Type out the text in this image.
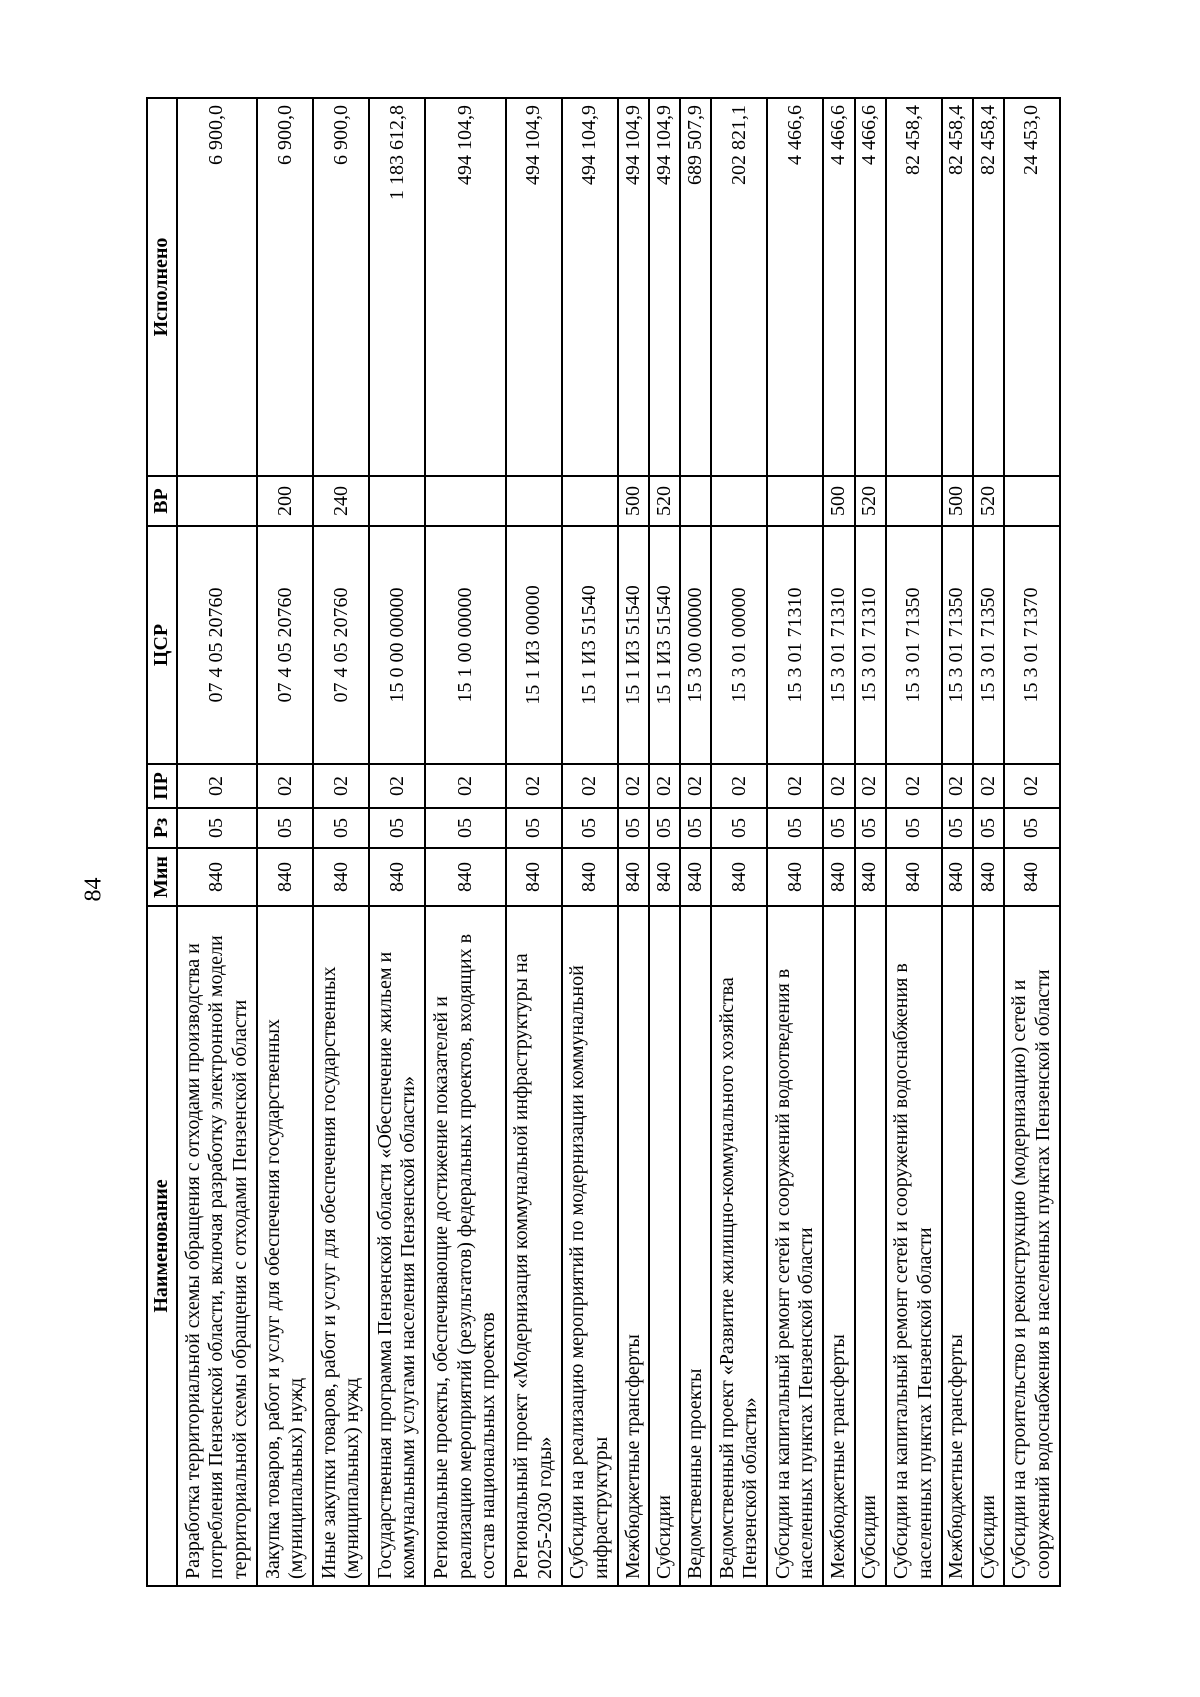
84
Наименование	Мин	Рз	ПР	ЦСР	ВР	Исполнено
Разработка территориальной схемы обращения с отходами производства и потребления Пензенской области, включая разработку электронной модели территориальной схемы обращения с отходами Пензенской области	840	05	02	07 4 05 20760		6 900,0
Закупка товаров, работ и услуг для обеспечения государственных (муниципальных) нужд	840	05	02	07 4 05 20760	200	6 900,0
Иные закупки товаров, работ и услуг для обеспечения государственных (муниципальных) нужд	840	05	02	07 4 05 20760	240	6 900,0
Государственная программа Пензенской области «Обеспечение жильем и коммунальными услугами населения Пензенской области»	840	05	02	15 0 00 00000		1 183 612,8
Региональные проекты, обеспечивающие достижение показателей и реализацию мероприятий (результатов) федеральных проектов, входящих в состав национальных проектов	840	05	02	15 1 00 00000		494 104,9
Региональный проект «Модернизация коммунальной инфраструктуры на 2025-2030 годы»	840	05	02	15 1 И3 00000		494 104,9
Субсидии на реализацию мероприятий по модернизации коммунальной инфраструктуры	840	05	02	15 1 И3 51540		494 104,9
Межбюджетные трансферты	840	05	02	15 1 И3 51540	500	494 104,9
Субсидии	840	05	02	15 1 И3 51540	520	494 104,9
Ведомственные проекты	840	05	02	15 3 00 00000		689 507,9
Ведомственный проект «Развитие жилищно-коммунального хозяйства Пензенской области»	840	05	02	15 3 01 00000		202 821,1
Субсидии на капитальный ремонт сетей и сооружений водоотведения в населенных пунктах Пензенской области	840	05	02	15 3 01 71310		4 466,6
Межбюджетные трансферты	840	05	02	15 3 01 71310	500	4 466,6
Субсидии	840	05	02	15 3 01 71310	520	4 466,6
Субсидии на капитальный ремонт сетей и сооружений водоснабжения в населенных пунктах Пензенской области	840	05	02	15 3 01 71350		82 458,4
Межбюджетные трансферты	840	05	02	15 3 01 71350	500	82 458,4
Субсидии	840	05	02	15 3 01 71350	520	82 458,4
Субсидии на строительство и реконструкцию (модернизацию) сетей и сооружений водоснабжения в населенных пунктах Пензенской области	840	05	02	15 3 01 71370		24 453,0
